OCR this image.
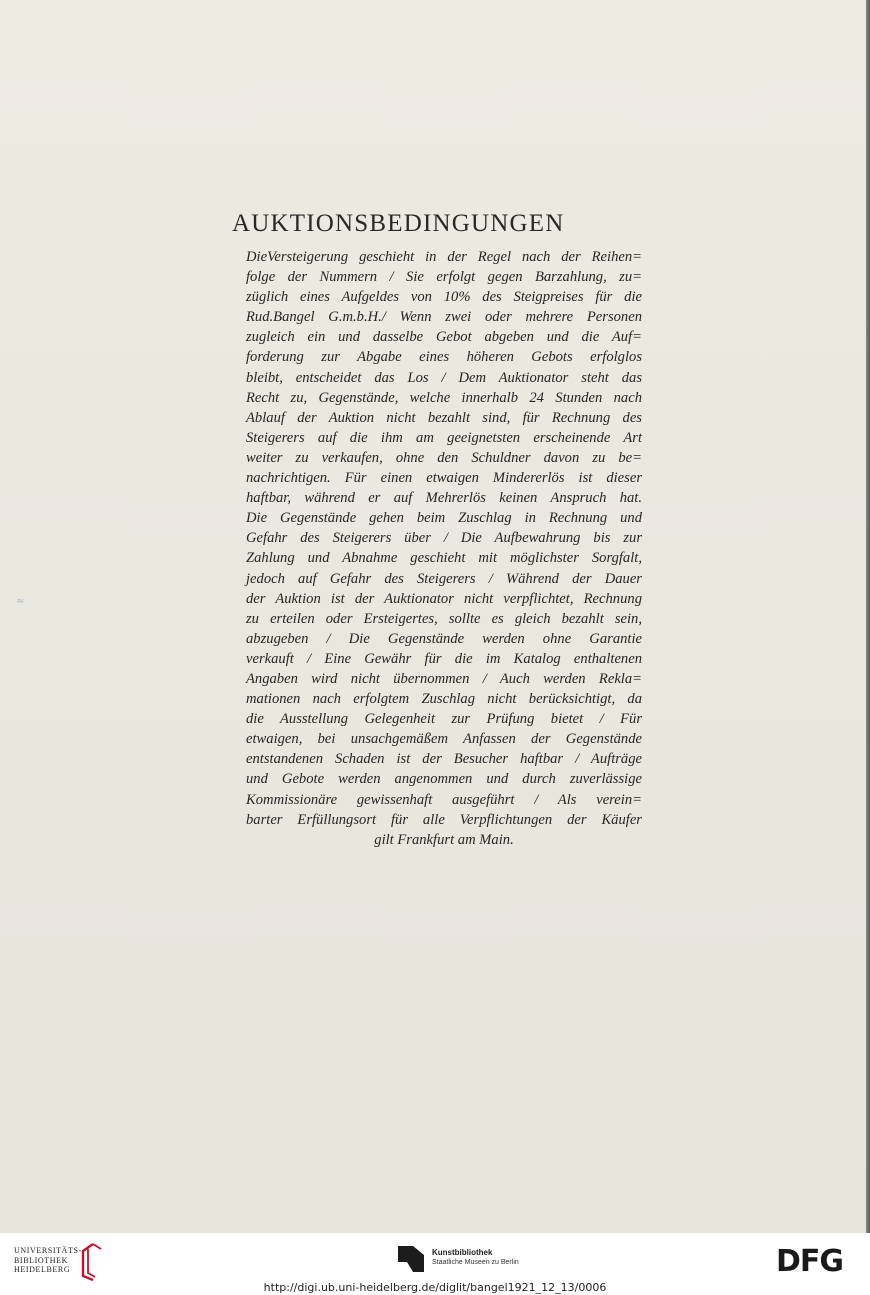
≈
AUKTIONSBEDINGUNGEN
DieVersteigerung geschieht in der Regel nach der Reihen=
folge der Nummern / Sie erfolgt gegen Barzahlung, zu=
züglich eines Aufgeldes von 10% des Steigpreises für die
Rud.Bangel G.m.b.H./ Wenn zwei oder mehrere Personen
zugleich ein und dasselbe Gebot abgeben und die Auf=
forderung zur Abgabe eines höheren Gebots erfolglos
bleibt, entscheidet das Los / Dem Auktionator steht das
Recht zu, Gegenstände, welche innerhalb 24 Stunden nach
Ablauf der Auktion nicht bezahlt sind, für Rechnung des
Steigerers auf die ihm am geeignetsten erscheinende Art
weiter zu verkaufen, ohne den Schuldner davon zu be=
nachrichtigen. Für einen etwaigen Mindererlös ist dieser
haftbar, während er auf Mehrerlös keinen Anspruch hat.
Die Gegenstände gehen beim Zuschlag in Rechnung und
Gefahr des Steigerers über / Die Aufbewahrung bis zur
Zahlung und Abnahme geschieht mit möglichster Sorgfalt,
jedoch auf Gefahr des Steigerers / Während der Dauer
der Auktion ist der Auktionator nicht verpflichtet, Rechnung
zu erteilen oder Ersteigertes, sollte es gleich bezahlt sein,
abzugeben / Die Gegenstände werden ohne Garantie
verkauft / Eine Gewähr für die im Katalog enthaltenen
Angaben wird nicht übernommen / Auch werden Rekla=
mationen nach erfolgtem Zuschlag nicht berücksichtigt, da
die Ausstellung Gelegenheit zur Prüfung bietet / Für
etwaigen, bei unsachgemäßem Anfassen der Gegenstände
entstandenen Schaden ist der Besucher haftbar / Aufträge
und Gebote werden angenommen und durch zuverlässige
Kommissionäre gewissenhaft ausgeführt / Als verein=
barter Erfüllungsort für alle Verpflichtungen der Käufer
gilt Frankfurt am Main.
UNIVERSITÄTS-
BIBLIOTHEK
HEIDELBERG
Kunstbibliothek
Staatliche Museen zu Berlin	DFG
http://digi.ub.uni-heidelberg.de/diglit/bangel1921_12_13/0006
